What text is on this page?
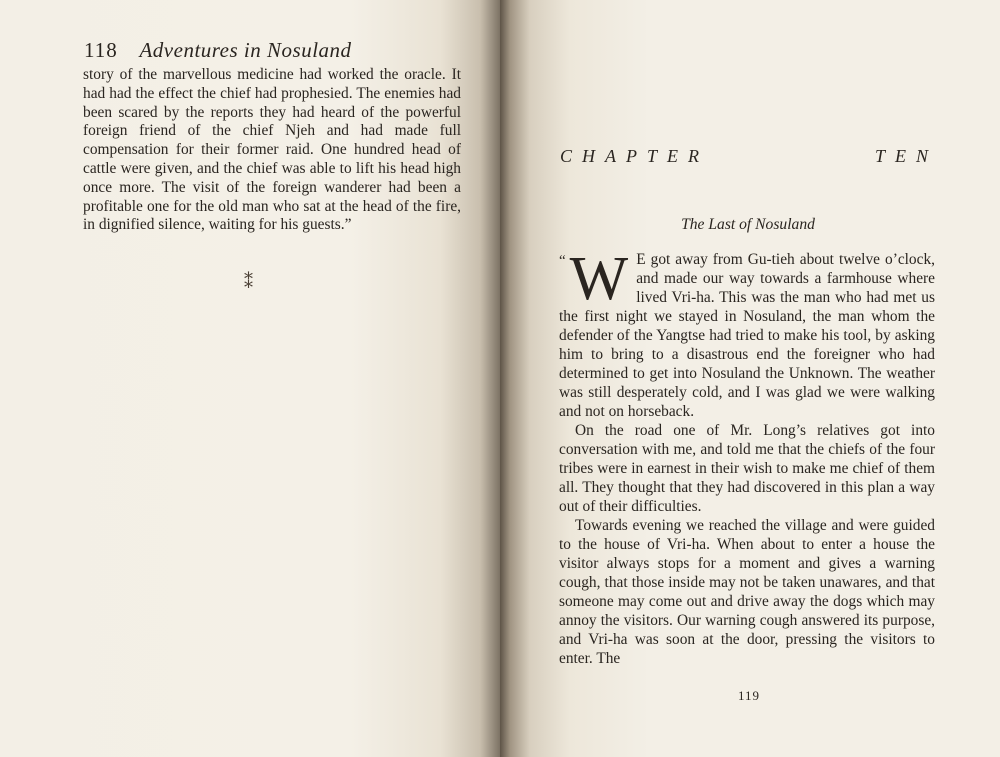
118 Adventures in Nosuland
story of the marvellous medicine had worked the oracle. It had had the effect the chief had prophesied. The enemies had been scared by the reports they had heard of the powerful foreign friend of the chief Njeh and had made full compensation for their former raid. One hundred head of cattle were given, and the chief was able to lift his head high once more. The visit of the foreign wanderer had been a profitable one for the old man who sat at the head of the fire, in dignified silence, waiting for his guests.”
⁑
CHAPTER	TEN
The Last of Nosuland

“ W E got away from Gu-tieh about twelve o’clock, and made our way towards a farmhouse where lived Vri-ha. This was the man who had met us the first night we stayed in Nosuland, the man whom the defender of the Yangtse had tried to make his tool, by asking him to bring to a disastrous end the foreigner who had determined to get into Nosuland the Unknown. The weather was still desperately cold, and I was glad we were walking and not on horseback.

On the road one of Mr. Long’s relatives got into conversation with me, and told me that the chiefs of the four tribes were in earnest in their wish to make me chief of them all. They thought that they had discovered in this plan a way out of their difficulties.

Towards evening we reached the village and were guided to the house of Vri-ha. When about to enter a house the visitor always stops for a moment and gives a warning cough, that those inside may not be taken unawares, and that someone may come out and drive away the dogs which may annoy the visitors. Our warning cough answered its purpose, and Vri-ha was soon at the door, pressing the visitors to enter. The

119
